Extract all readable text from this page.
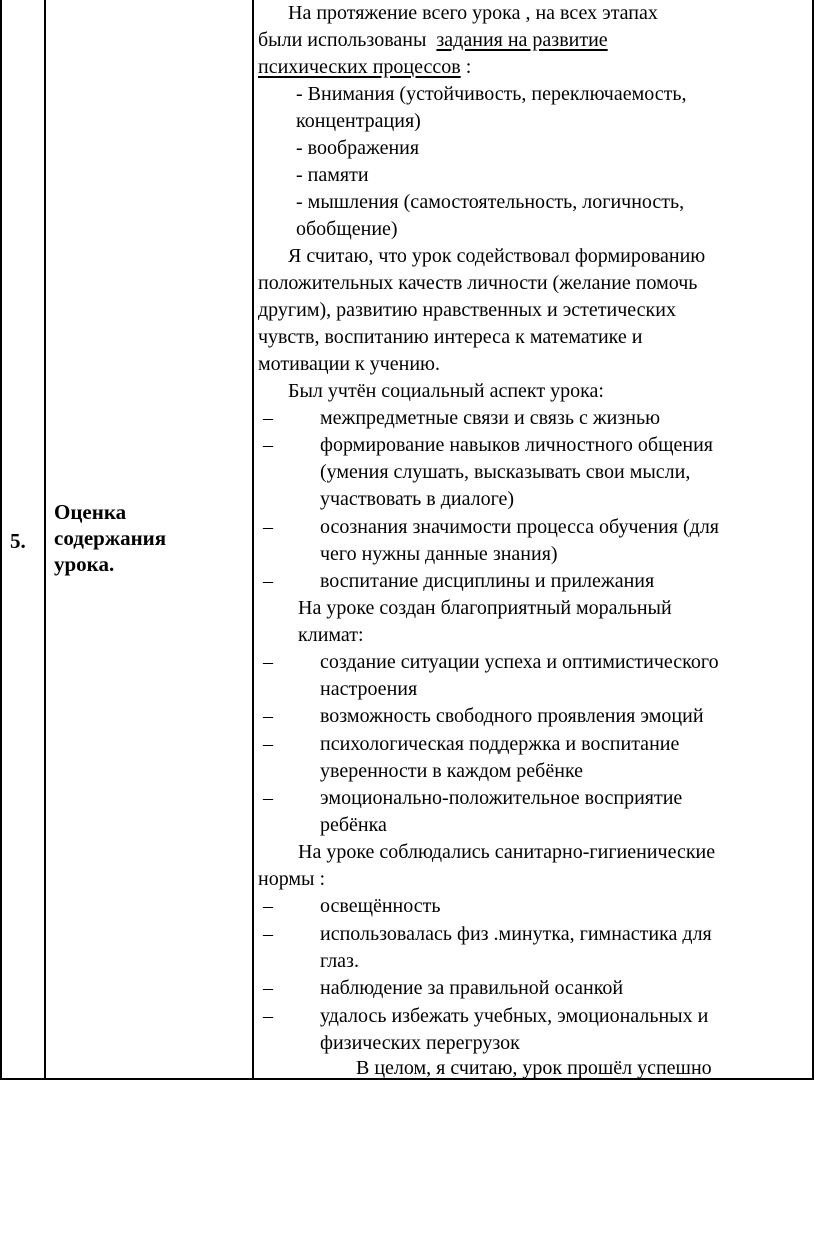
5.
Оценка
содержания
урока.
На протяжение всего урока , на всех этапах
были использованы задания на развитие
психических процессов :
- Внимания (устойчивость, переключаемость,
концентрация)
- воображения
- памяти
- мышления (самостоятельность, логичность,
обобщение)
Я считаю, что урок содействовал формированию
положительных качеств личности (желание помочь
другим), развитию нравственных и эстетических
чувств, воспитанию интереса к математике и
мотивации к учению.
Был учтён социальный аспект урока:
– межпредметные связи и связь с жизнью
– формирование навыков личностного общения
(умения слушать, высказывать свои мысли,
участвовать в диалоге)
– осознания значимости процесса обучения (для
чего нужны данные знания)
– воспитание дисциплины и прилежания
На уроке создан благоприятный моральный
климат:
– создание ситуации успеха и оптимистического
настроения
– возможность свободного проявления эмоций
– психологическая поддержка и воспитание
уверенности в каждом ребёнке
– эмоционально-положительное восприятие
ребёнка
На уроке соблюдались санитарно-гигиенические
нормы :
– освещённость
– использовалась физ .минутка, гимнастика для
глаз.
– наблюдение за правильной осанкой
– удалось избежать учебных, эмоциональных и
физических перегрузок
В целом, я считаю, урок прошёл успешно
